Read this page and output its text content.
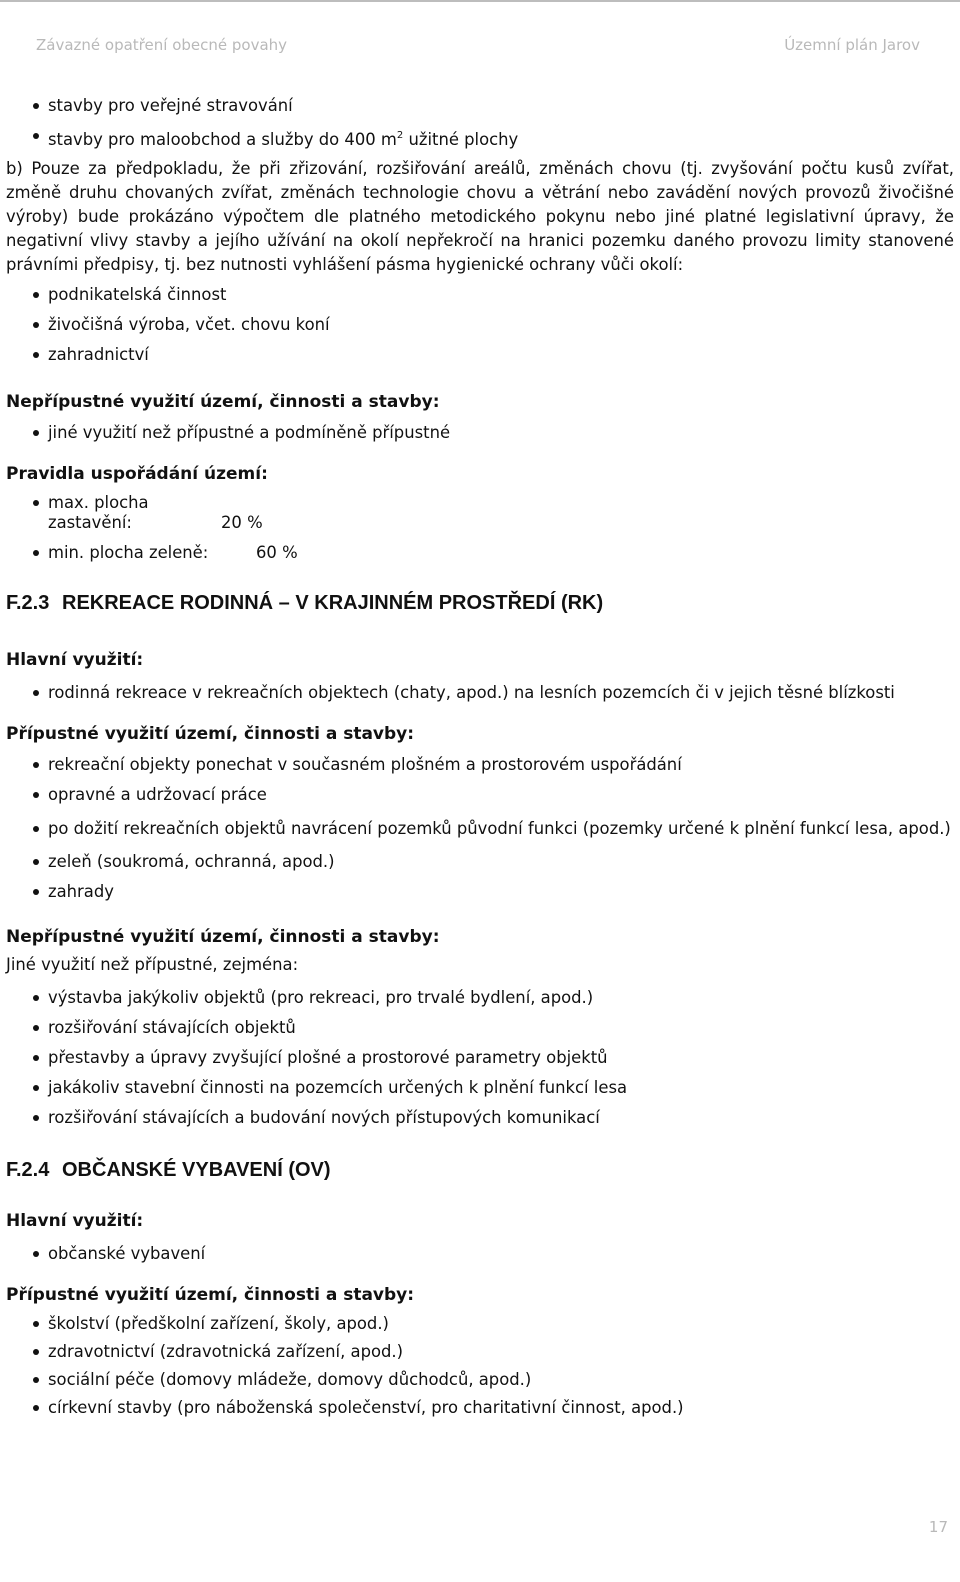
Závazné opatření obecné povahy	Územní plán Jarov
stavby pro veřejné stravování
stavby pro maloobchod a služby do 400 $m^2$ užitné plochy
b) Pouze za předpokladu, že při zřizování, rozšiřování areálů, změnách chovu (tj. zvyšování počtu kusů zvířat, změně druhu chovaných zvířat, změnách technologie chovu a větrání nebo zavádění nových provozů živočišné výroby) bude prokázáno výpočtem dle platného metodického pokynu nebo jiné platné legislativní úpravy, že negativní vlivy stavby a jejího užívání na okolí nepřekročí na hranici pozemku daného provozu limity stanovené právními předpisy, tj. bez nutnosti vyhlášení pásma hygienické ochrany vůči okolí:
podnikatelská činnost
živočišná výroba, včet. chovu koní
zahradnictví
Nepřípustné využití území, činnosti a stavby:
jiné využití než přípustné a podmíněně přípustné
Pravidla uspořádání území:
max. plocha zastavění:	20 %
min. plocha zeleně:	60 %
F.2.3 REKREACE RODINNÁ – V KRAJINNÉM PROSTŘEDÍ (RK)
Hlavní využití:
rodinná rekreace v rekreačních objektech (chaty, apod.) na lesních pozemcích či v jejich těsné blízkosti
Přípustné využití území, činnosti a stavby:
rekreační objekty ponechat v současném plošném a prostorovém uspořádání
opravné a udržovací práce
po dožití rekreačních objektů navrácení pozemků původní funkci (pozemky určené k plnění funkcí lesa, apod.)
zeleň (soukromá, ochranná, apod.)
zahrady
Nepřípustné využití území, činnosti a stavby:
Jiné využití než přípustné, zejména:
výstavba jakýkoliv objektů (pro rekreaci, pro trvalé bydlení, apod.)
rozšiřování stávajících objektů
přestavby a úpravy zvyšující plošné a prostorové parametry objektů
jakákoliv stavební činnosti na pozemcích určených k plnění funkcí lesa
rozšiřování stávajících a budování nových přístupových komunikací
F.2.4 OBČANSKÉ VYBAVENÍ (OV)
Hlavní využití:
občanské vybavení
Přípustné využití území, činnosti a stavby:
školství (předškolní zařízení, školy, apod.)
zdravotnictví (zdravotnická zařízení, apod.)
sociální péče (domovy mládeže, domovy důchodců, apod.)
církevní stavby (pro náboženská společenství, pro charitativní činnost, apod.)
17
